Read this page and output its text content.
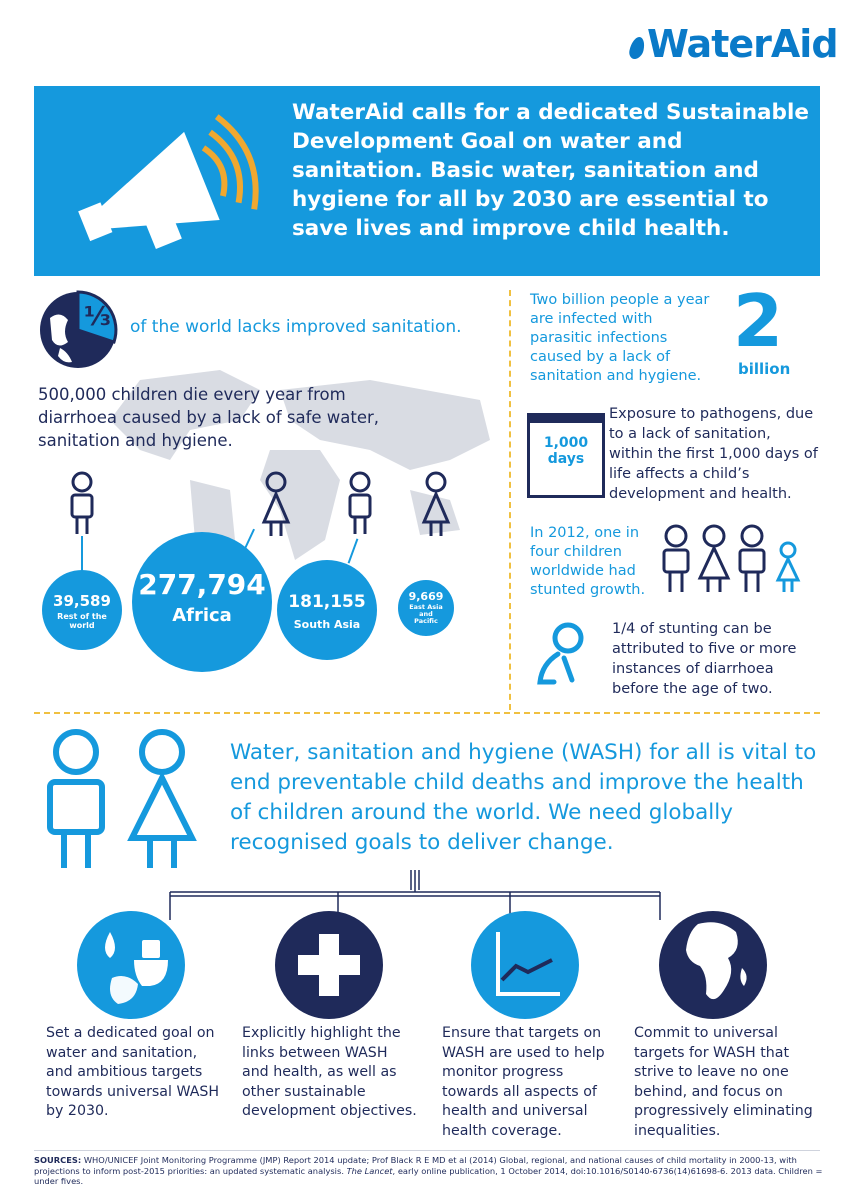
WaterAid
WaterAid calls for a dedicated Sustainable Development Goal on water and sanitation. Basic water, sanitation and hygiene for all by 2030 are essential to save lives and improve child health.
⅓ of the world lacks improved sanitation.
500,000 children die every year from diarrhoea caused by a lack of safe water, sanitation and hygiene.
39,589
Rest of the world
277,794
Africa
181,155
South Asia
9,669
East Asia and Pacific
Two billion people a year are infected with parasitic infections caused by a lack of sanitation and hygiene.
2
billion
1,000
days
Exposure to pathogens, due to a lack of sanitation, within the first 1,000 days of life affects a child’s development and health.
In 2012, one in four children worldwide had stunted growth.
1/4 of stunting can be attributed to five or more instances of diarrhoea before the age of two.
Water, sanitation and hygiene (WASH) for all is vital to end preventable child deaths and improve the health of children around the world. We need globally recognised goals to deliver change.
Set a dedicated goal on water and sanitation, and ambitious targets towards universal WASH by 2030.
Explicitly highlight the links between WASH and health, as well as other sustainable development objectives.
Ensure that targets on WASH are used to help monitor progress towards all aspects of health and universal health coverage.
Commit to universal targets for WASH that strive to leave no one behind, and focus on progressively eliminating inequalities.
SOURCES: WHO/UNICEF Joint Monitoring Programme (JMP) Report 2014 update; Prof Black R E MD et al (2014) Global, regional, and national causes of child mortality in 2000-13, with projections to inform post-2015 priorities: an updated systematic analysis. The Lancet, early online publication, 1 October 2014, doi:10.1016/S0140-6736(14)61698-6. 2013 data. Children = under fives.
